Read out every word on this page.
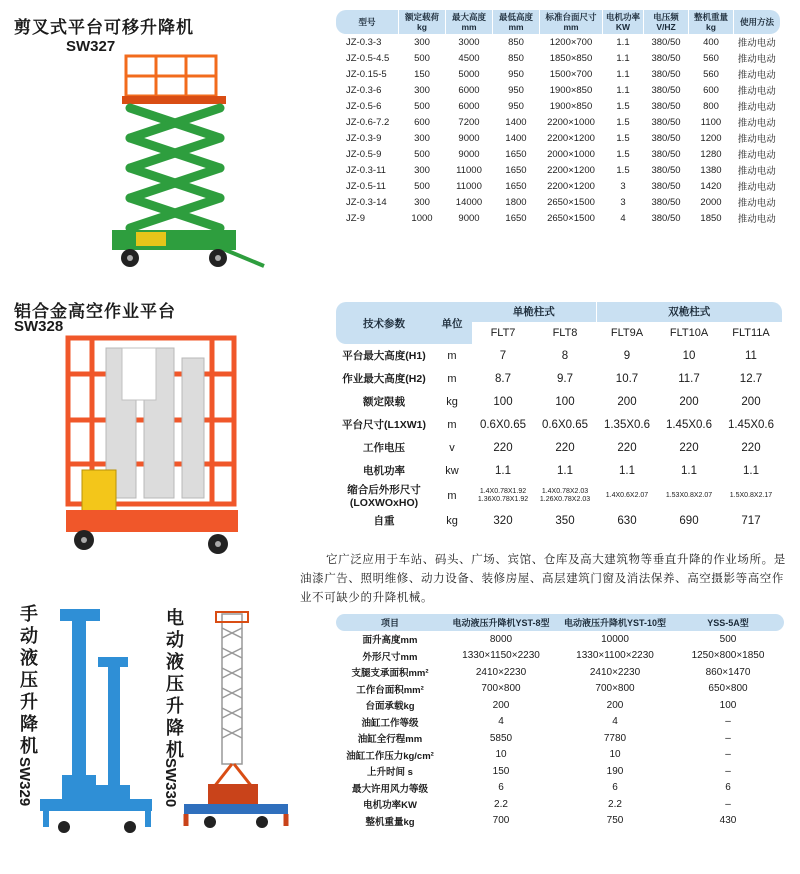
剪叉式平台可移升降机
SW327
铝合金高空作业平台
SW328
手动液压升降机
SW329
电动液压升降机
SW330
型号	额定载荷 kg	最大高度 mm	最低高度 mm	标准台面尺寸 mm	电机功率 KW	电压频 V/HZ	整机重量 kg	使用方法
JZ-0.3-3	300	3000	850	1200×700	1.1	380/50	400	推动电动
JZ-0.5-4.5	500	4500	850	1850×850	1.1	380/50	560	推动电动
JZ-0.15-5	150	5000	950	1500×700	1.1	380/50	560	推动电动
JZ-0.3-6	300	6000	950	1900×850	1.1	380/50	600	推动电动
JZ-0.5-6	500	6000	950	1900×850	1.5	380/50	800	推动电动
JZ-0.6-7.2	600	7200	1400	2200×1000	1.5	380/50	1100	推动电动
JZ-0.3-9	300	9000	1400	2200×1200	1.5	380/50	1200	推动电动
JZ-0.5-9	500	9000	1650	2000×1000	1.5	380/50	1280	推动电动
JZ-0.3-11	300	11000	1650	2200×1200	1.5	380/50	1380	推动电动
JZ-0.5-11	500	11000	1650	2200×1200	3	380/50	1420	推动电动
JZ-0.3-14	300	14000	1800	2650×1500	3	380/50	2000	推动电动
JZ-9	1000	9000	1650	2650×1500	4	380/50	1850	推动电动
技术参数	单位	单桅柱式		双桅柱式		
		FLT7	FLT8	FLT9A	FLT10A	FLT11A
平台最大高度(H1)	m	7	8	9	10	11
作业最大高度(H2)	m	8.7	9.7	10.7	11.7	12.7
额定限载	kg	100	100	200	200	200
平台尺寸(L1XW1)	m	0.6X0.65	0.6X0.65	1.35X0.6	1.45X0.6	1.45X0.6
工作电压	v	220	220	220	220	220
电机功率	kw	1.1	1.1	1.1	1.1	1.1
缩合后外形尺寸 (LOXWOxHO)	m	1.4X0.78X1.92 1.36X0.78X1.92	1.4X0.78X2.03 1.26X0.78X2.03	1.4X0.6X2.07	1.53X0.8X2.07	1.5X0.8X2.17
自重	kg	320	350	630	690	717
它广泛应用于车站、码头、广场、宾馆、仓库及高大建筑物等垂直升降的作业场所。是油漆广告、照明维修、动力设备、装修房屋、高层建筑门窗及消法保养、高空摄影等高空作业不可缺少的升降机械。
项目	电动液压升降机YST-8型	电动液压升降机YST-10型	YSS-5A型
面升高度mm	8000	10000	500
外形尺寸mm	1330×1150×2230	1330×1100×2230	1250×800×1850
支腿支承面积mm²	2410×2230	2410×2230	860×1470
工作台面积mm²	700×800	700×800	650×800
台面承载kg	200	200	100
油缸工作等级	4	4	–
油缸全行程mm	5850	7780	–
油缸工作压力kg/cm²	10	10	–
上升时间 s	150	190	–
最大许用风力等级	6	6	6
电机功率KW	2.2	2.2	–
整机重量kg	700	750	430
